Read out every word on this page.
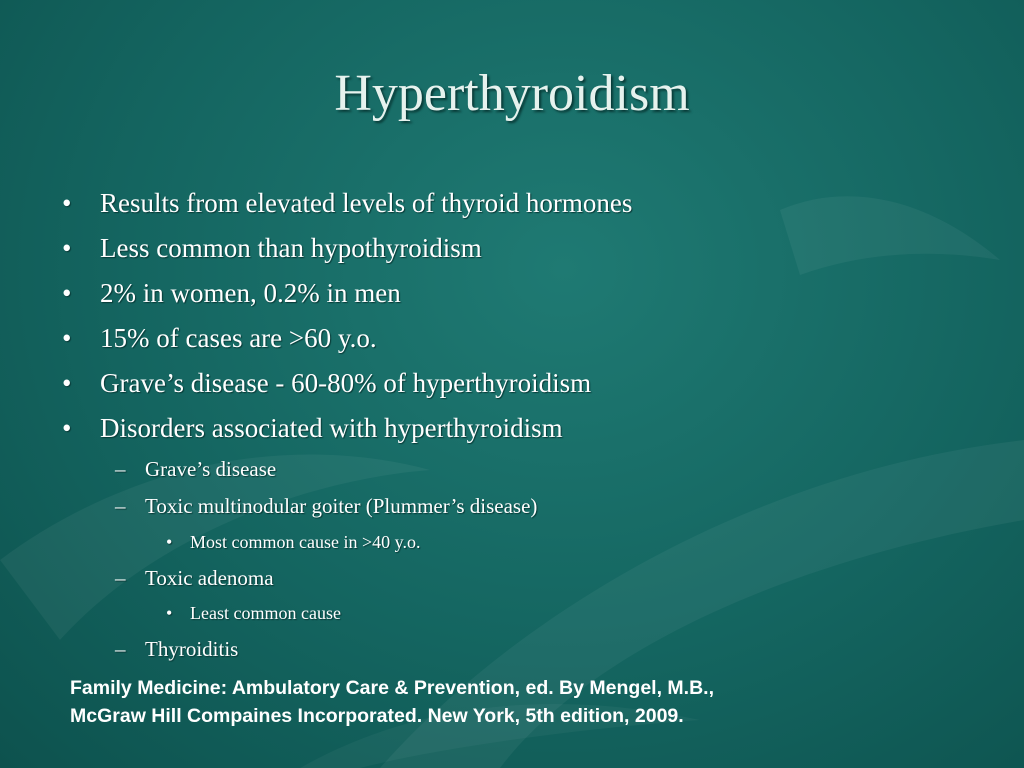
Hyperthyroidism
• Results from elevated levels of thyroid hormones
• Less common than hypothyroidism
• 2% in women, 0.2% in men
• 15% of cases are >60 y.o.
• Grave’s disease - 60-80% of hyperthyroidism
• Disorders associated with hyperthyroidism
– Grave’s disease
– Toxic multinodular goiter (Plummer’s disease)
• Most common cause in >40 y.o.
– Toxic adenoma
• Least common cause
– Thyroiditis
Family Medicine: Ambulatory Care & Prevention, ed. By Mengel, M.B.,
McGraw Hill Compaines Incorporated. New York, 5th edition, 2009.
